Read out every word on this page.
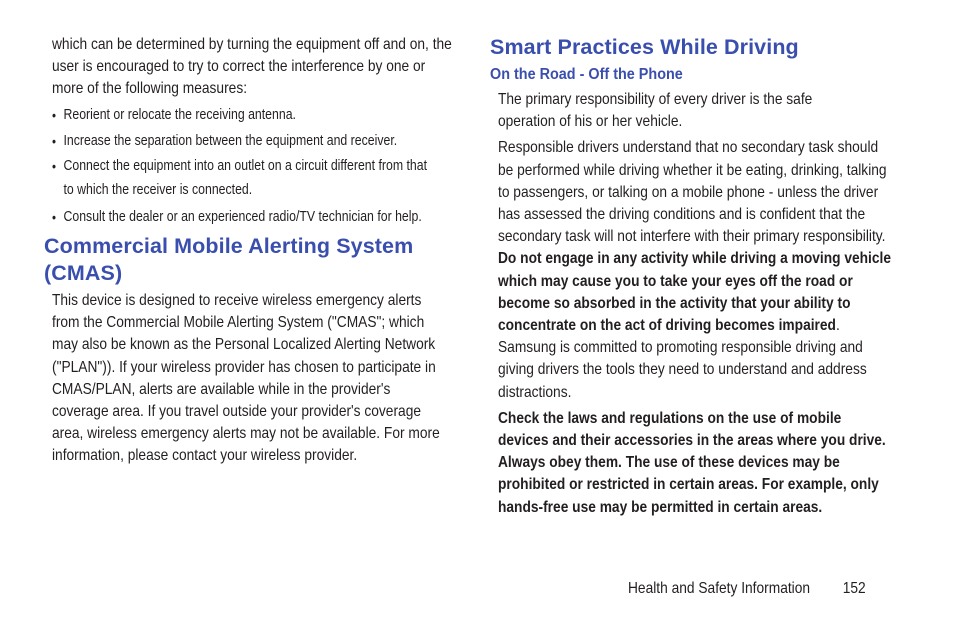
which can be determined by turning the equipment off and on, the user is encouraged to try to correct the interference by one or more of the following measures:

• Reorient or relocate the receiving antenna.
• Increase the separation between the equipment and receiver.
• Connect the equipment into an outlet on a circuit different from that to which the receiver is connected.
• Consult the dealer or an experienced radio/TV technician for help.
Commercial Mobile Alerting System
(CMAS)

This device is designed to receive wireless emergency alerts from the Commercial Mobile Alerting System ("CMAS"; which may also be known as the Personal Localized Alerting Network ("PLAN")). If your wireless provider has chosen to participate in CMAS/PLAN, alerts are available while in the provider's coverage area. If you travel outside your provider's coverage area, wireless emergency alerts may not be available. For more information, please contact your wireless provider.

Smart Practices While Driving
On the Road - Off the Phone

The primary responsibility of every driver is the safe operation of his or her vehicle.

Responsible drivers understand that no secondary task should be performed while driving whether it be eating, drinking, talking to passengers, or talking on a mobile phone - unless the driver has assessed the driving conditions and is confident that the secondary task will not interfere with their primary responsibility. Do not engage in any activity while driving a moving vehicle which may cause you to take your eyes off the road or become so absorbed in the activity that your ability to concentrate on the act of driving becomes impaired. Samsung is committed to promoting responsible driving and giving drivers the tools they need to understand and address distractions.

Check the laws and regulations on the use of mobile devices and their accessories in the areas where you drive. Always obey them. The use of these devices may be prohibited or restricted in certain areas. For example, only hands-free use may be permitted in certain areas.

Health and Safety Information 152
